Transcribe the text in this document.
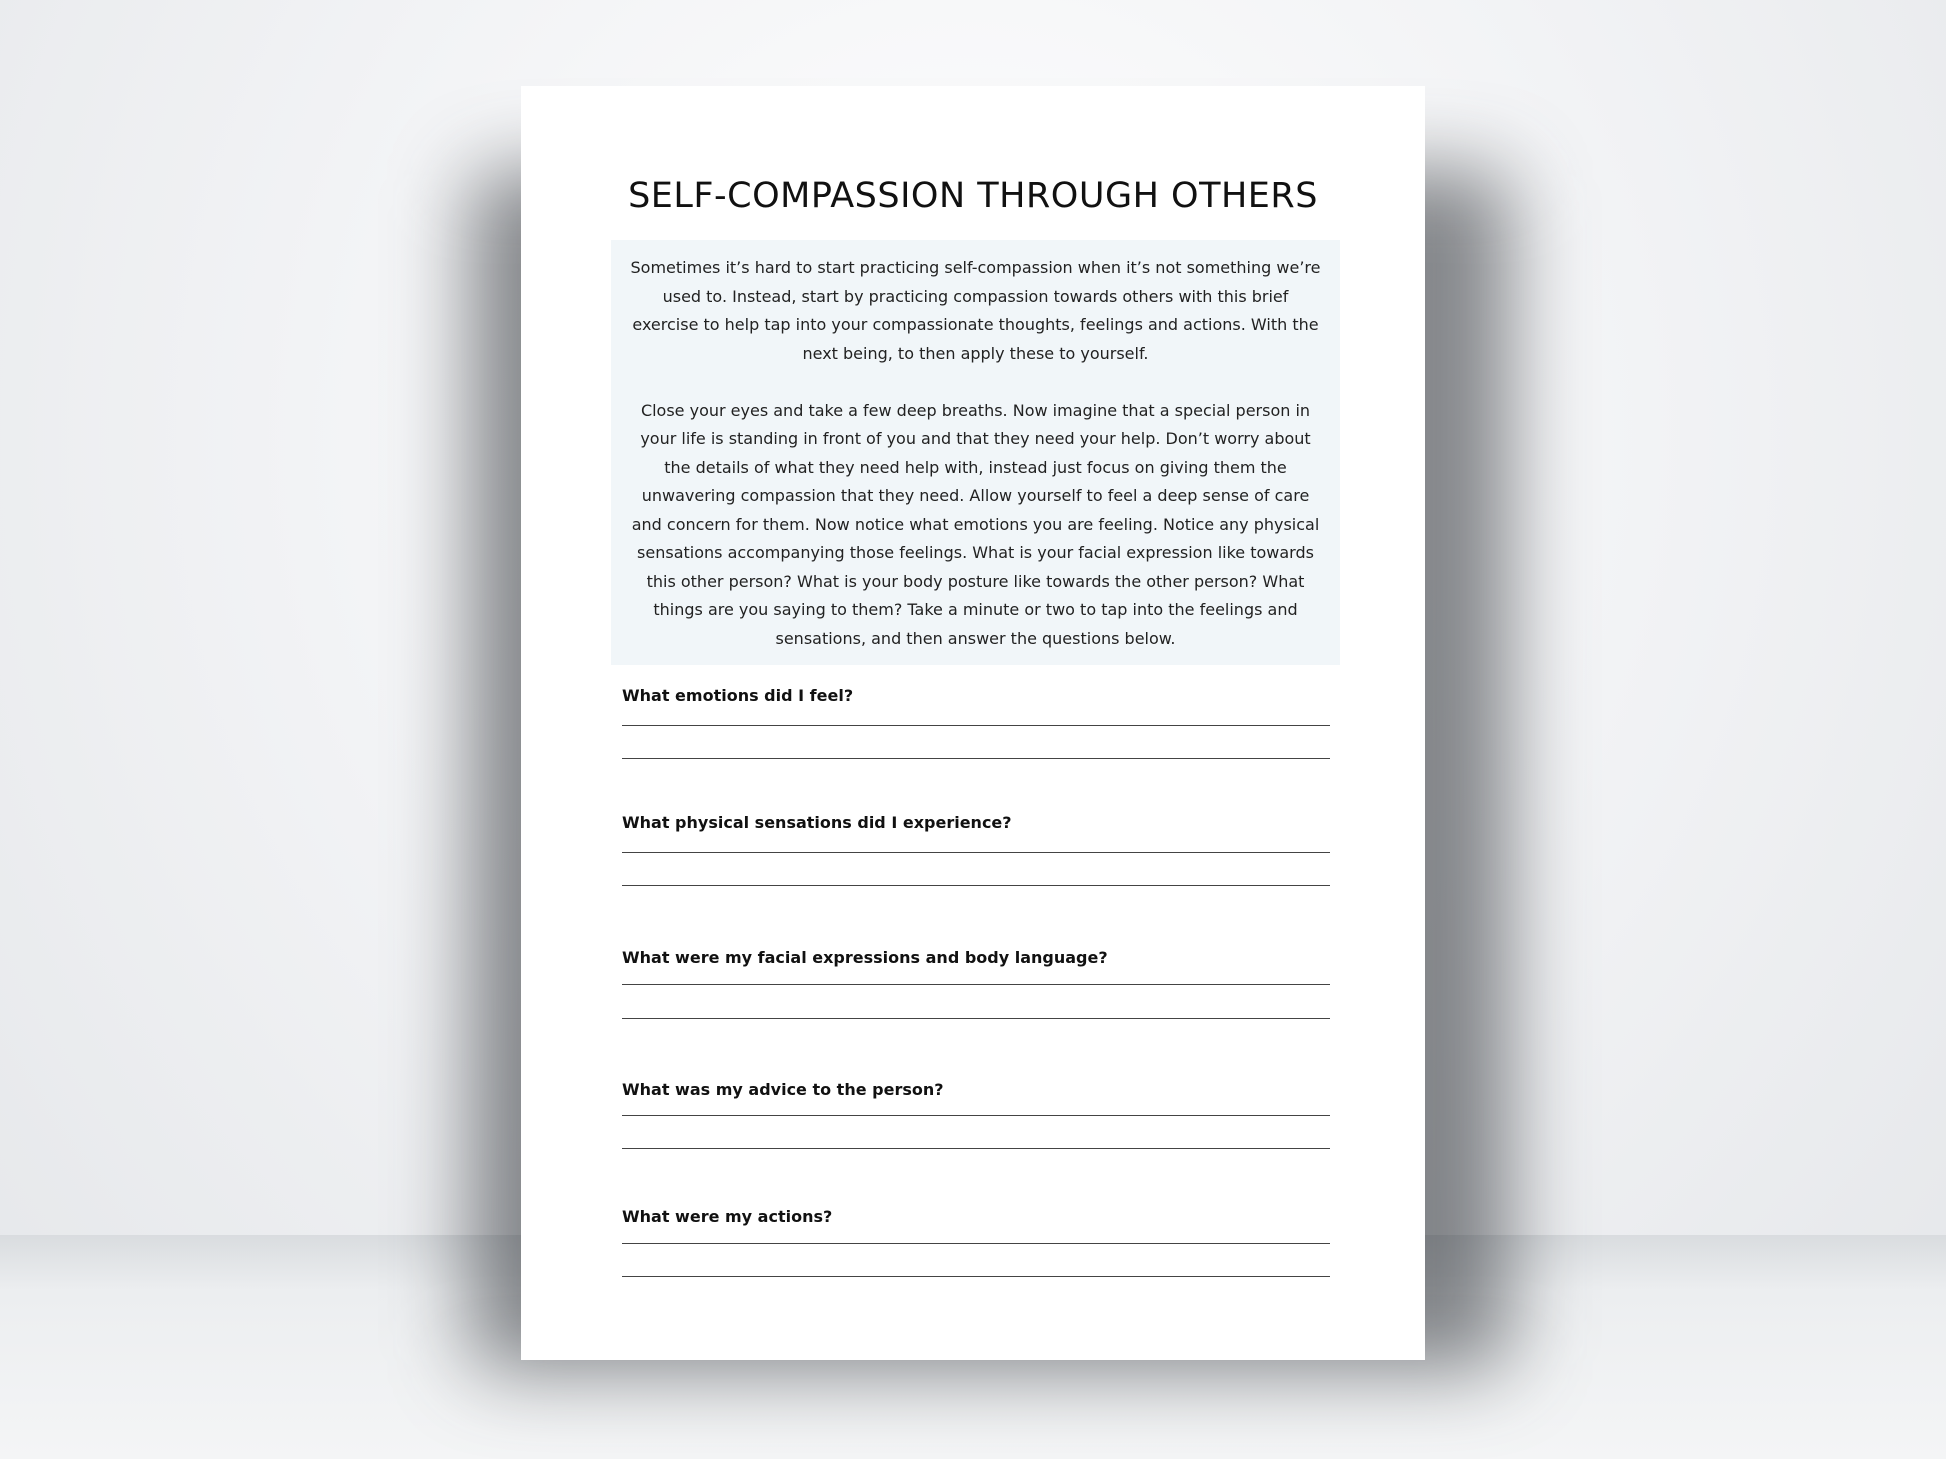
SELF-COMPASSION THROUGH OTHERS

Sometimes it’s hard to start practicing self-compassion when it’s not something we’re used to. Instead, start by practicing compassion towards others with this brief exercise to help tap into your compassionate thoughts, feelings and actions. With the next being, to then apply these to yourself.

Close your eyes and take a few deep breaths. Now imagine that a special person in your life is standing in front of you and that they need your help. Don’t worry about the details of what they need help with, instead just focus on giving them the unwavering compassion that they need. Allow yourself to feel a deep sense of care and concern for them. Now notice what emotions you are feeling. Notice any physical sensations accompanying those feelings. What is your facial expression like towards this other person? What is your body posture like towards the other person? What things are you saying to them? Take a minute or two to tap into the feelings and sensations, and then answer the questions below.

What emotions did I feel?
What physical sensations did I experience?
What were my facial expressions and body language?
What was my advice to the person?
What were my actions?
